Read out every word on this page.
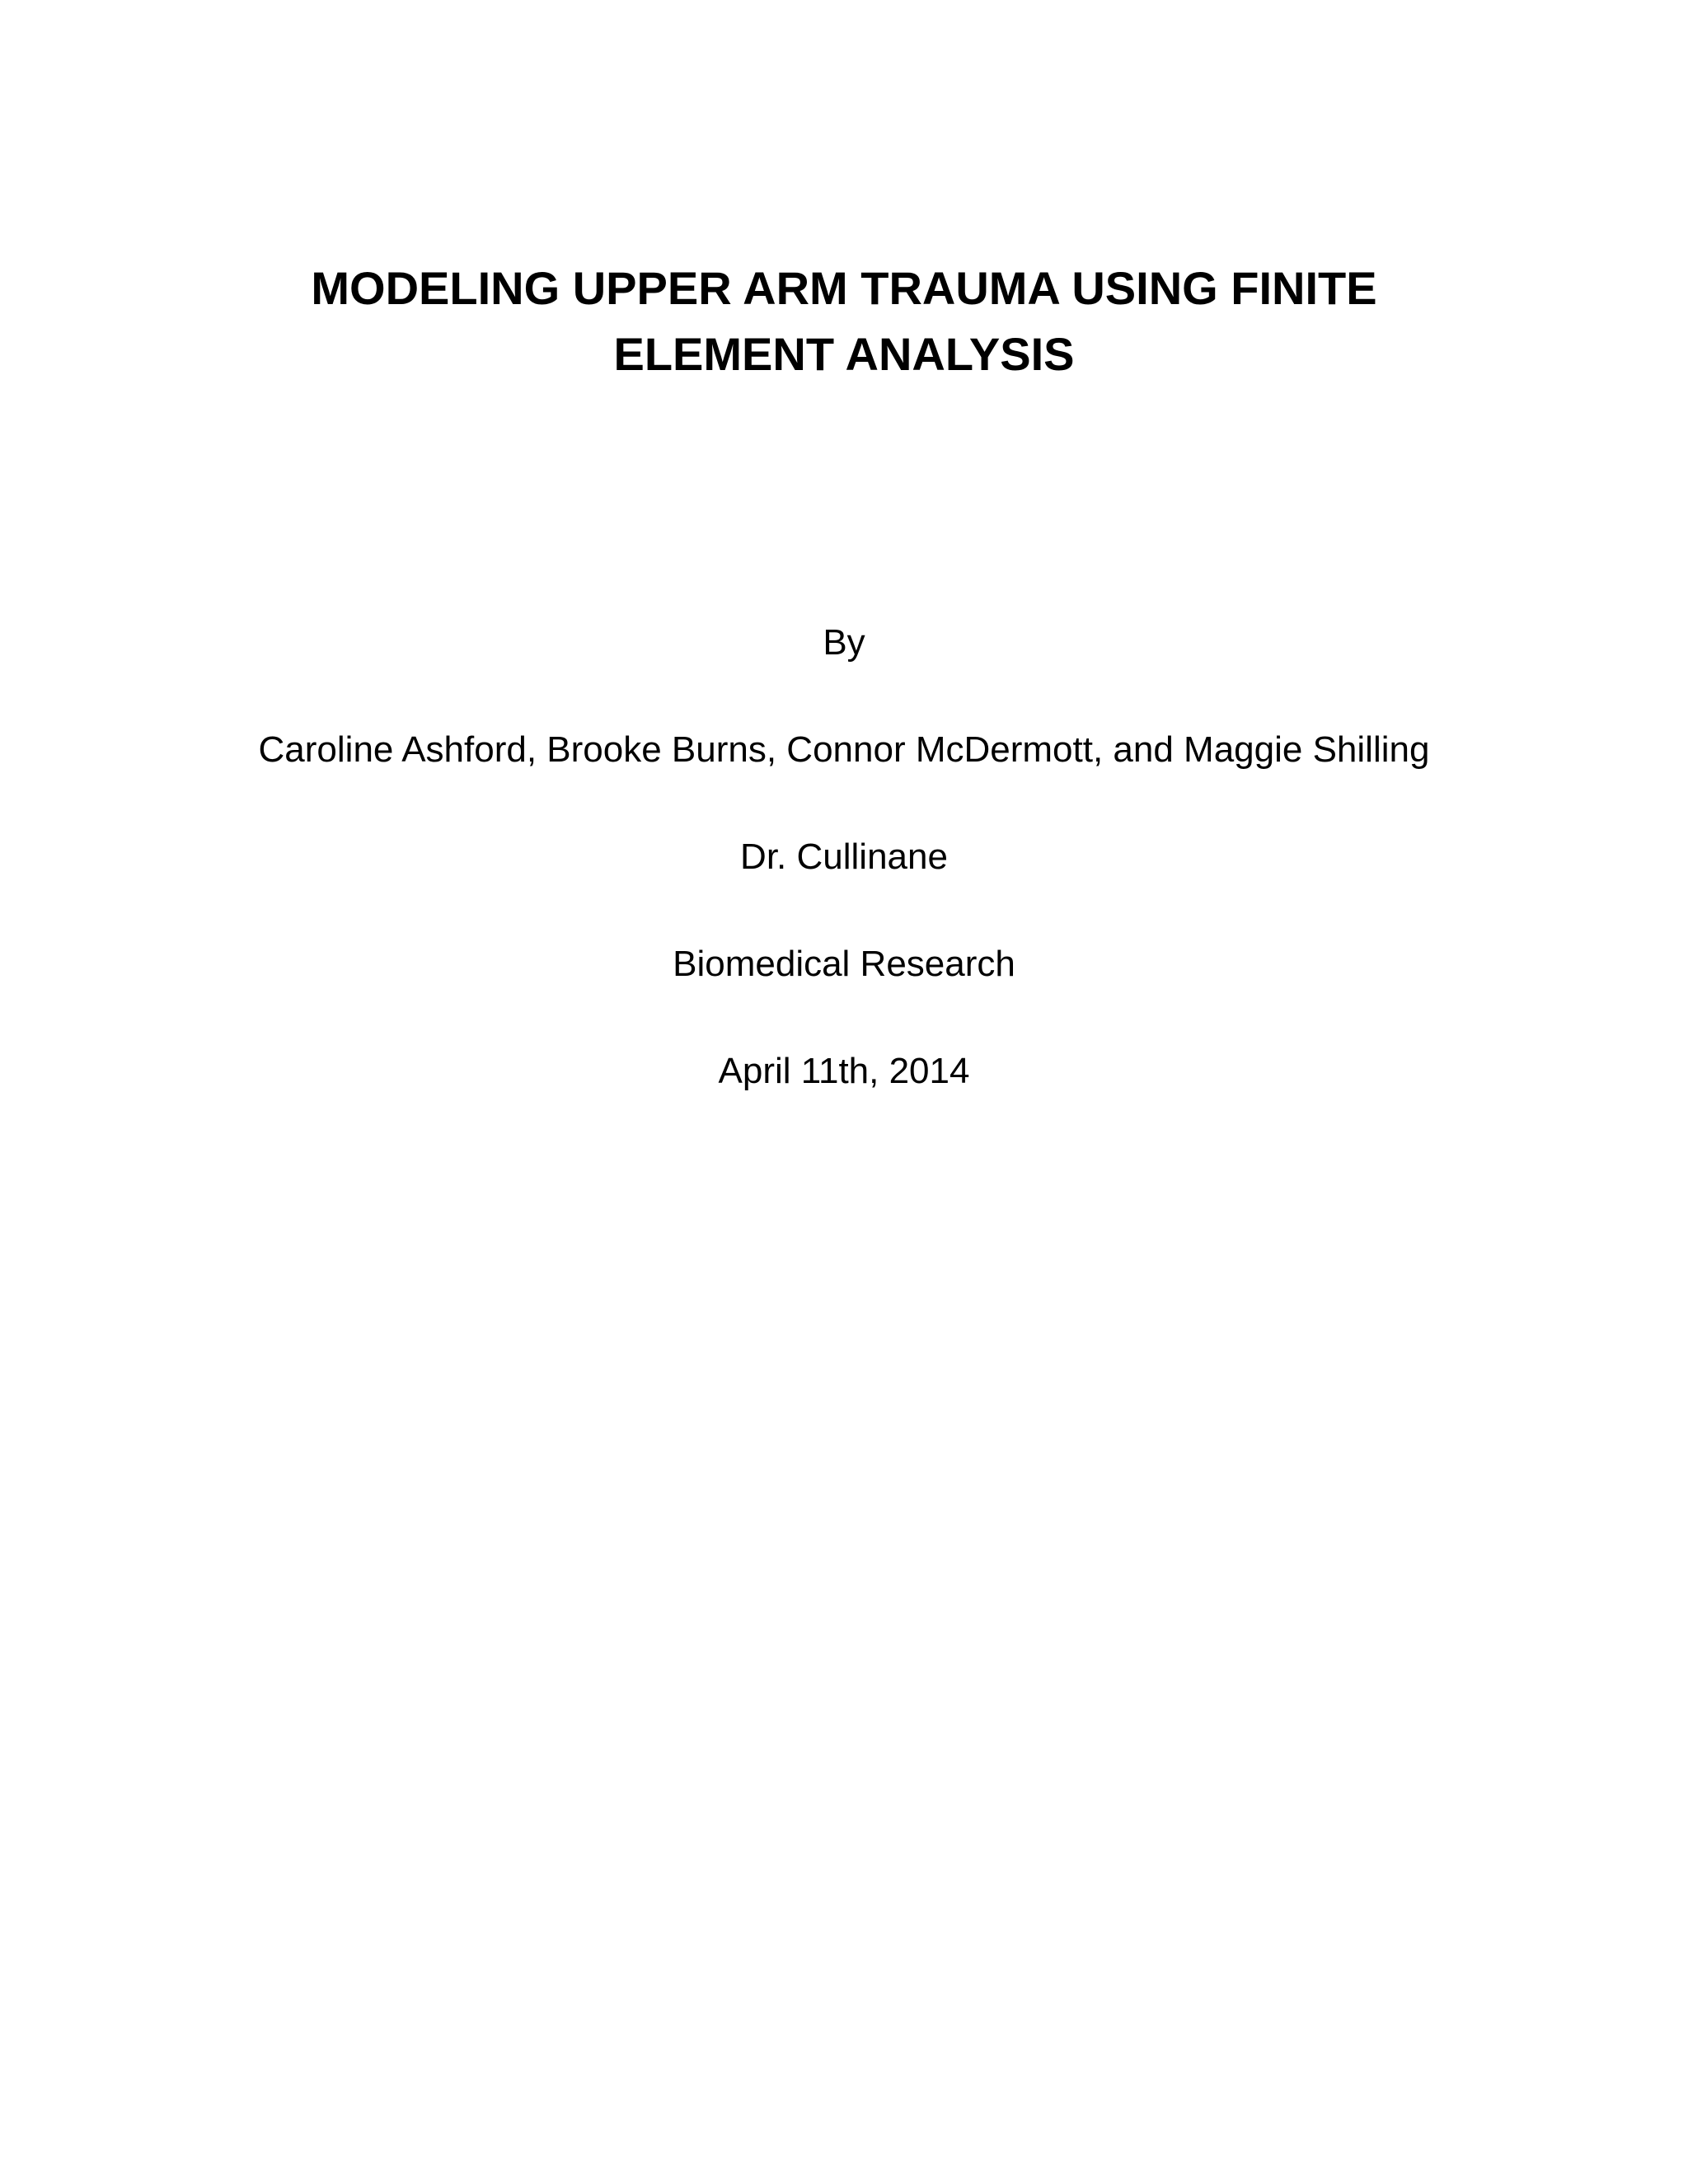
MODELING UPPER ARM TRAUMA USING FINITE
ELEMENT ANALYSIS

By

Caroline Ashford, Brooke Burns, Connor McDermott, and Maggie Shilling

Dr. Cullinane

Biomedical Research

April 11th, 2014
